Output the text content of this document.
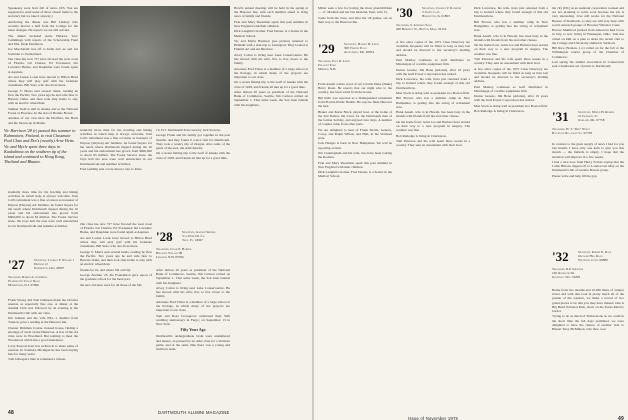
Speakeasy were born full of news. (P.S. You are supposed to send some of those classic items to the secretary but we take it anyway.)

Anchoring the dinner was Bill Lindsay who recently moved a half from the College for the lunar changes. He reports we are still solvent.

The dinner included Arnie Heistad, 'Gus' Cummings with reports of the Scholarship Fund and Mrs. Dede Pendleton.

Joe Macdonald was off to India and ,ee and Art Sodarder to Switzerland.

Our class has now 72+ have favored the west coast of Florida. Gil Charles, Ed Townsend; but Lavadero Burke, and Dauphine were found again at Aquinas.

Art and Louise Lorne have moved to Hilton Head where they will play golf with his fortunate classmates, Bill Starr, who also lives there.

George V. Marra sent several items, reading he flew the Pacific. Two years ago he and wife flew to Hawaii, Oahu, and then took ship home to stay with an electric wheelchair.

Sumner Tedd is still in Alaska and at the National Forest at Florence. In the area of Bonnie Bower.

Anuntes of our own have the Pfeiffers, the Harts and the Stones up in Maine.

Vic Harrison '28 (r) passed this summer in Kuhmoinen, Finland, to visit Classmate Paul Chao and Dot's (nearby) Arne Heits. Vic and Myrle spent three days in Kaukulinna on the southern tip of the island and continued to Hong Kong, Thailand and Bhutan.

stantially more time for his bowling and hiking activities in which help is always welcome. Tom Cali's retirement was a fine occasion as treasurer of Dayton (Dayton) Air Institute, he found buyers for the ranch where Dartmouth tripped during the 16 years and his endowment has grown from $600,000 to about $3 million. The Forest Service lease, the boys hall the area were well entrenched in our Dartmouth ski and summer activities.

Fred Gehling sent a note about a tour to Paris.

stantially more time for his bowling and hiking activities in which help is always welcome. Tom Cali's retirement was a fine occasion as treasurer of Dayton (Dayton) Air Institute, he found buyers for the ranch where Dartmouth tripped during the 16 years and his endowment has grown from $600,000 to about $3 million. The Forest Service lease, the boys hall the area were well entrenched in our Dartmouth ski and summer activities.

'27	Secretary, Charles F. Whaler 1
Dedham 12
Dartmouth, Ohio 43807
Treasurer, Robert A. Cummings
Washington Valley Road
Morristown, N.J. 07960

Frank Strong and Tom Gillespie made the October reunion as especially fine one. A dinner at the Alumni Club was followed by an evening at the Dartmouth Club with our class.

Jim Jenkins and his wife Ella, a chemist from Trenton, gave a reading at the Hanover Inn.

Chester Dirkman Course cleaned house, finding a shortage of cards on the Hannover. A few of the old class were in Woodland. But nothing to meet the Woodstock which has a good attendance.

Larry Pearson Kerr has written in to share plans of reunion. In Southern Michigan he has been buying hats for many years.

Tom Gillespie's hunt at remained a winner.

Our class has now 72+ have favored the west coast of Florida. Gil Charles, Ed Townsend; but Lavadero Burke, and Dauphine were found again at Aquinas.

Art and Louise Lorne have moved to Hilton Head where they will play golf with his fortunate classmates, Bill Starr, who also lives there.

George V. Marra sent several items, reading he flew the Pacific. Two years ago he and wife flew to Hawaii, Oahu, and then took ship home to stay with an electric wheelchair.

friends for its, and where fall activity.

George Zischke '25, the Foundation gave report of the graduate school for the most part.

the new old dues were for all those of the fall.

12, D-7. Dartmouth Trust seen by Jack Stevens.

George Frank and his family got together in the past months, and they found it a nice visit for Dartmouth. They took a week's trip of Oregon. Also some of the gents of the area, the Adirondacks.

On a recent fishing trip to the Gulf of Alaska with the class of 1928, and friends all met up for a good time.

'28	Secretary, Gordon Skinner
Van Dyne Oil Co.
Troy, Pa. 16947
Treasurer, Chase E. Harbor
Bellevue Village 5B
Lebanon, N.H. 03766

After almost 26 years as president of the National Bank of Commerce, Seattle, Jim Carlson retired on September 1. That same week, the San Juan Islands with his daughters.

Alvey Colton is living near Lake Conservatoire. He has moved with his wife, Pat, to live closer to the family.

Alternate Fred Tilton is a member of a large school at the Portage, in which many of the projects are important to our class.

Tom and Rosa Crossgrove celebrated their 50th wedding anniversary in Fargo; on September 13 in New York.

Fifty Years Ago

Dartmouth's undergraduate brain were unsheltered and unsure, as pressed by an older class for a Vermont game, and at the same time there was a young and stubborn team.

Hotel's annual meeting will be held in the spring at the Hanover Inn, with each member asked to bring news of family and friends.

Fran and Mary Shearman spent this past summer in New England with their children.

Dick Laughin's brother, Fred Dexter, is a Senior in the Medical School.

Vic and Myrle Harrison (see picture) returned to Helsinki with a side trip to Leningrad. They looked at Finnish Art and Architecture.

Alvey Colton is living near Lake Conservatoire. He has moved with his wife, Pat, to live closer to the family.

Alternate Fred Tilton is a member of a large school at the Portage, in which many of the projects are important to our class.

On a recent fishing trip to the Gulf of Alaska with the class of 1928, and friends all met up for a good time.

After almost 26 years as president of the National Bank of Commerce, Seattle, Jim Carlson retired on September 1. That same week, the San Juan Islands with his daughters.

48	DARTMOUTH ALUMNI MAGAZINE

Miller seek a few for having the most grandchildren — 17, Madden and her late husband, Paul, with 15.

Some from the class, and after the '28 games, are on their way to the Hanover Inn.

'29	Secretary, Harold B. Leech
300 Vernon Place
Alexandria, Md. 20854
Treasurer, Paul R. Leech
Pleasant Park
Meriden, N.H.

From Austin comes word of our lovable Duke (Duke) Harry Rossi. He reports that our night wire to the country, has been wired from the house.

Bill Kalb was reported as a distinguished retirement from Florida Public Health. He says he finds Hanover the best.

Blaker and Karle Block played host, at the home of the 2nd Dalton, the wives for the Dartmouth men of the former holiday, and enjoyed four days. A number of couples came from other parts.

We are delighted to hear of Frank Strolls, Geneva, Corey, and Ralph Wilbur, and Hall, in the Vermont state.

Jack Hedges is back in New Hampshire. We will be reporting on him.

Jim Cunningham and his wife, Jan, have been touring the Rockies.

Fran and Mary Shearman spent this past summer in New England with their children.

Dick Laughin's brother, Fred Dexter, is a Senior in the Medical School.

'30	Secretary, Charles V. Raymond
3 Jewett Lane
Burlington, K. 01803
Treasurer, S. Atkinson Shaw
200 Berkeley St., Boston, Mass. 02116

A few extra copies of the 1975 Class Directory are available. Requests will be filled as long as they last and should be directed to the secretary's mailing address.

Paul Manley continues as Gulf distributor in Mississippi of a textile equipment firm.

Dexter Greene, Jim Bone (Atlanta), after 16 years with the Gulf Power Corporation has retired.

Dick Lawrence, his wife, have just returned from a trip to Ireland where they found enough of this old Dartmouth tie.

Max Stock is doing well as president in a Boston firm.

Bill Brown, who has a summer camp in New Hampshire, is getting into the swing of retirement now.

Hank Ansell, who is in Hawaii, has been busy in the islands with friends from his and other classes.

On the home front, twins Joe and Barbara have started on their way to a new program in surgery. The weather was fine.

Bob Rutledge is living in Charleston.

Tom Peterson and his wife spent three weeks in a country. They sent an assessment with their boat.

Dick Lawrence, his wife, have just returned from a trip to Ireland where they found enough of this old Dartmouth tie.

Bill Brown, who has a summer camp in New Hampshire, is getting into the swing of retirement now.

Hank Ansell, who is in Hawaii, has been busy in the islands with friends from his and other classes.

On the home front, twins Joe and Barbara have started on their way to a new program in surgery. The weather was fine.

Tom Peterson and his wife spent three weeks in a country. They sent an assessment with their boat.

A few extra copies of the 1975 Class Directory are available. Requests will be filled as long as they last and should be directed to the secretary's mailing address.

Paul Manley continues as Gulf distributor in Mississippi of a textile equipment firm.

Dexter Greene, Jim Bone (Atlanta), after 16 years with the Gulf Power Corporation has retired.

Max Stock is doing well as president in a Boston firm.

Bob Rutledge is living in Charleston.

the city (DC) as an assistant corporation counsel and are not planning to retire soon because the job is very interesting. Live still works for the National Bureau of Standards, so they are still very busy with social outreach groups of Howdey Windsor Court.

Horace Mumford (retired from American Red Cross in July, is now living in Waukegan, Ohio. Tom has called on him on a plan to share his recent visit to the College and University alumni in Vermont.

Bill Rice (Nantan, L.I.) called on for the fall of the Wilmington tourist group of the Chamber of Commerce.

Last spring the alumni association in Connecticut sent a handsome set of prints to Dartmouth.

'31	Secretary, Myron H. Russell
21 Ingersoll St.
Oakland, Me. 97758
Treasurer, H. T. "Red" Wolff
Bagatelle Rd., Gate Va. 97758

In contrast to the great supply of news I had for you last month, I have only one item to give you this month — the bulletin is empty. I hope that the situation will improve in a few weeks.

I had a nice note from Harry Forbes saying that the Cable Hiltons tripped off to London last May on the Dartmouth Club of Greater Boston group.

Please write and help fill the gap.

'32	Secretary, Robert E. Dale
Orchard Hill Road
Westport, Conn. 06880
Treasurer, R.P. Shutinan
100 Overlook Dr.
Glendale, Wis. 53209

Home from two months and 10,000 miles of camper travel and with that took in pretty much all of the greater of the western, we make a record of two grand places to be that you may have missed. One is Big Bend National Park, down on the Texas-Mexico border.

Trying to do as much of Yellowstone as we could in the short time the fall days permitted, we were delighted to have the chance of another visit to Hubert Terry McMahon, who flew over.

Issue of November 1975	49
